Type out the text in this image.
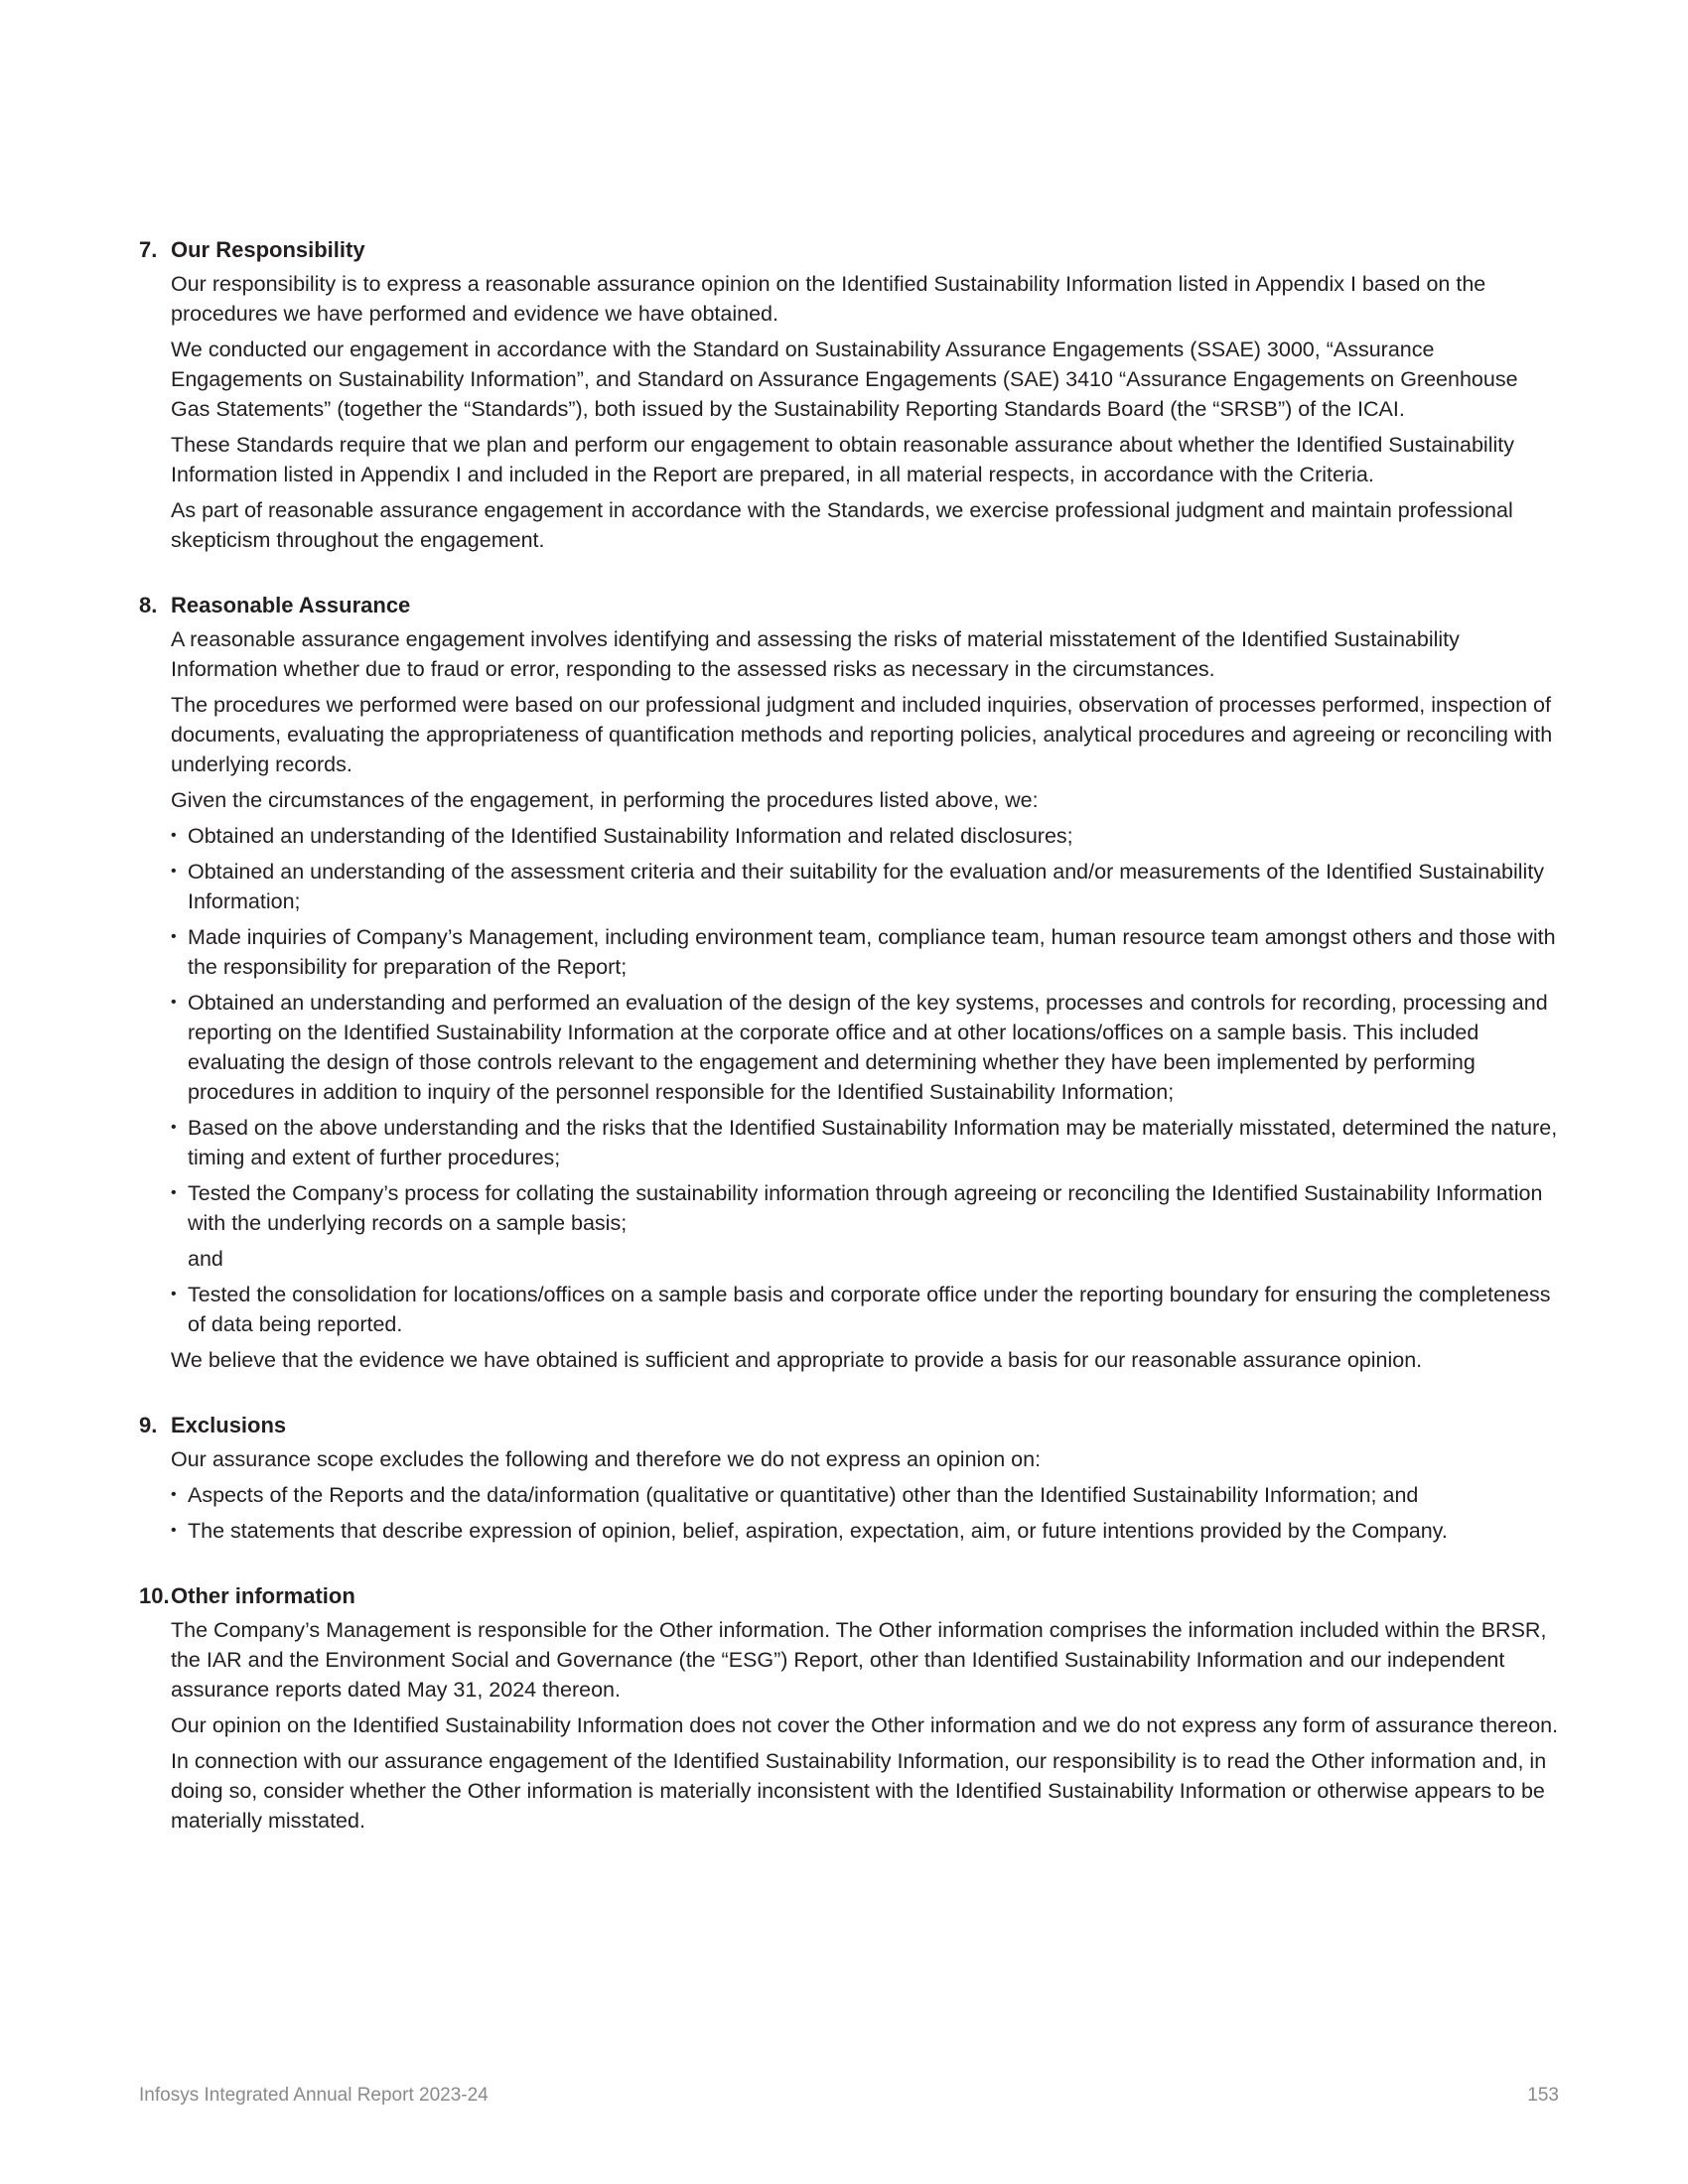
7. Our Responsibility

Our responsibility is to express a reasonable assurance opinion on the Identified Sustainability Information listed in Appendix I based on the procedures we have performed and evidence we have obtained.

We conducted our engagement in accordance with the Standard on Sustainability Assurance Engagements (SSAE) 3000, “Assurance Engagements on Sustainability Information”, and Standard on Assurance Engagements (SAE) 3410 “Assurance Engagements on Greenhouse Gas Statements” (together the “Standards”), both issued by the Sustainability Reporting Standards Board (the “SRSB”) of the ICAI.

These Standards require that we plan and perform our engagement to obtain reasonable assurance about whether the Identified Sustainability Information listed in Appendix I and included in the Report are prepared, in all material respects, in accordance with the Criteria.

As part of reasonable assurance engagement in accordance with the Standards, we exercise professional judgment and maintain professional skepticism throughout the engagement.

8. Reasonable Assurance

A reasonable assurance engagement involves identifying and assessing the risks of material misstatement of the Identified Sustainability Information whether due to fraud or error, responding to the assessed risks as necessary in the circumstances.

The procedures we performed were based on our professional judgment and included inquiries, observation of processes performed, inspection of documents, evaluating the appropriateness of quantification methods and reporting policies, analytical procedures and agreeing or reconciling with underlying records.

Given the circumstances of the engagement, in performing the procedures listed above, we:

• Obtained an understanding of the Identified Sustainability Information and related disclosures;
• Obtained an understanding of the assessment criteria and their suitability for the evaluation and/or measurements of the Identified Sustainability Information;
• Made inquiries of Company’s Management, including environment team, compliance team, human resource team amongst others and those with the responsibility for preparation of the Report;
• Obtained an understanding and performed an evaluation of the design of the key systems, processes and controls for recording, processing and reporting on the Identified Sustainability Information at the corporate office and at other locations/offices on a sample basis. This included evaluating the design of those controls relevant to the engagement and determining whether they have been implemented by performing procedures in addition to inquiry of the personnel responsible for the Identified Sustainability Information;
• Based on the above understanding and the risks that the Identified Sustainability Information may be materially misstated, determined the nature, timing and extent of further procedures;
• Tested the Company’s process for collating the sustainability information through agreeing or reconciling the Identified Sustainability Information with the underlying records on a sample basis;
and
• Tested the consolidation for locations/offices on a sample basis and corporate office under the reporting boundary for ensuring the completeness of data being reported.

We believe that the evidence we have obtained is sufficient and appropriate to provide a basis for our reasonable assurance opinion.

9. Exclusions

Our assurance scope excludes the following and therefore we do not express an opinion on:

• Aspects of the Reports and the data/information (qualitative or quantitative) other than the Identified Sustainability Information; and
• The statements that describe expression of opinion, belief, aspiration, expectation, aim, or future intentions provided by the Company.
10. Other information

The Company’s Management is responsible for the Other information. The Other information comprises the information included within the BRSR, the IAR and the Environment Social and Governance (the “ESG”) Report, other than Identified Sustainability Information and our independent assurance reports dated May 31, 2024 thereon.

Our opinion on the Identified Sustainability Information does not cover the Other information and we do not express any form of assurance thereon.

In connection with our assurance engagement of the Identified Sustainability Information, our responsibility is to read the Other information and, in doing so, consider whether the Other information is materially inconsistent with the Identified Sustainability Information or otherwise appears to be materially misstated.

Infosys Integrated Annual Report 2023-24	153
